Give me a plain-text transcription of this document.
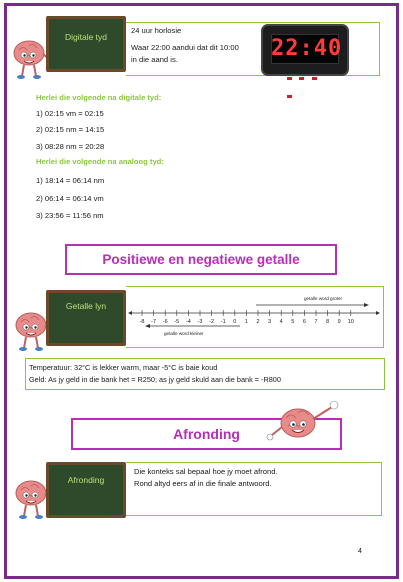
Digitale tyd
24 uur horlosie
Waar 22:00 aandui dat dit 10:00
in die aand is.	22:40

Herlei die volgende na digitale tyd:
1) 02:15 vm = 02:15
2) 02:15 nm = 14:15
3) 08:28 nm = 20:28
Herlei die volgende na analoog tyd:
1) 18:14 = 06:14 nm
2) 06:14 = 06:14 vm
3) 23:56 = 11:56 nm
Positiewe en negatiewe getalle
Getalle lyn
-8 -7 -6 -5 -4 -3 -2 -1 0 1 2 3 4 5 6 7 8 9 10
getalle word groter
getalle word kleiner
Temperatuur: 32°C is lekker warm, maar -5°C is baie koud
Geld: As jy geld in die bank het = R250; as jy geld skuld aan die bank = -R800
Afronding
Afronding
Die konteks sal bepaal hoe jy moet afrond.
Rond altyd eers af in die finale antwoord.
4
